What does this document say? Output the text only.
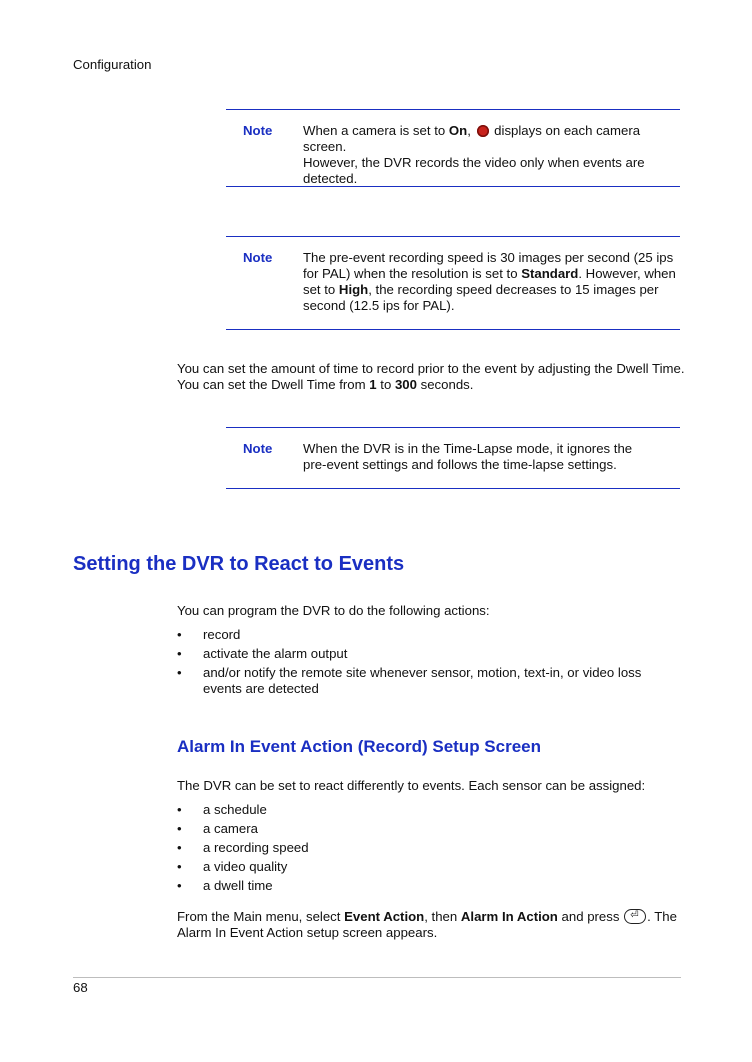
Configuration
Note When a camera is set to On,  displays on each camera screen.
However, the DVR records the video only when events are
detected.
Note The pre-event recording speed is 30 images per second (25 ips
for PAL) when the resolution is set to Standard. However, when
set to High, the recording speed decreases to 15 images per
second (12.5 ips for PAL).
You can set the amount of time to record prior to the event by adjusting the Dwell Time.
You can set the Dwell Time from 1 to 300 seconds.
Note When the DVR is in the Time-Lapse mode, it ignores the
pre-event settings and follows the time-lapse settings.
Setting the DVR to React to Events
You can program the DVR to do the following actions:
• record
• activate the alarm output
• and/or notify the remote site whenever sensor, motion, text-in, or video loss events are detected
Alarm In Event Action (Record) Setup Screen
The DVR can be set to react differently to events. Each sensor can be assigned:
• a schedule
• a camera
• a recording speed
• a video quality
• a dwell time
From the Main menu, select Event Action, then Alarm In Action and press ⏎. The
Alarm In Event Action setup screen appears.
68
